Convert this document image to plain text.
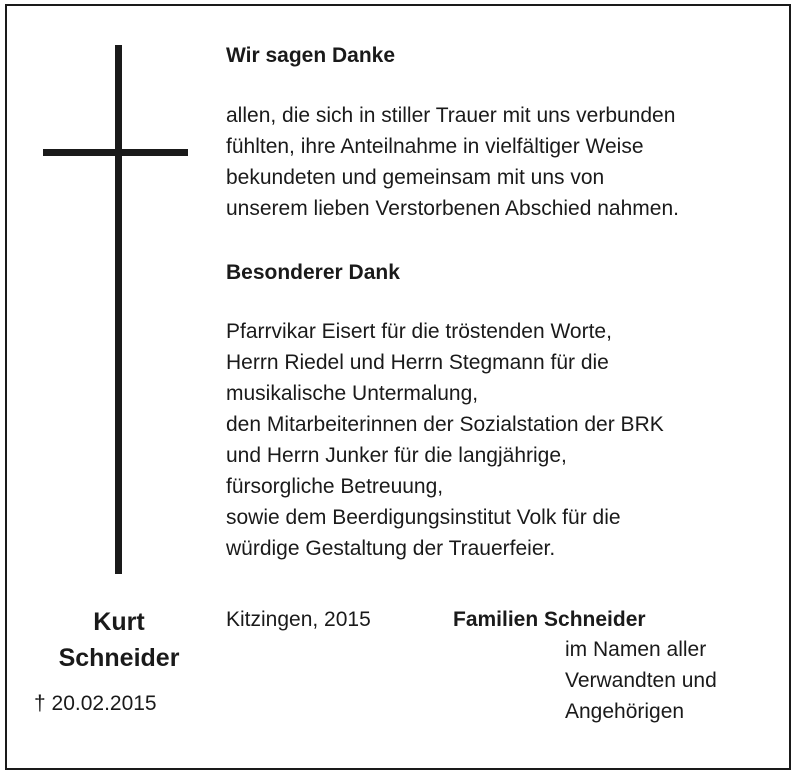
Wir sagen Danke
allen, die sich in stiller Trauer mit uns verbunden
fühlten, ihre Anteilnahme in vielfältiger Weise
bekundeten und gemeinsam mit uns von
unserem lieben Verstorbenen Abschied nahmen.
Besonderer Dank
Pfarrvikar Eisert für die tröstenden Worte,
Herrn Riedel und Herrn Stegmann für die
musikalische Untermalung,
den Mitarbeiterinnen der Sozialstation der BRK
und Herrn Junker für die langjährige,
fürsorgliche Betreuung,
sowie dem Beerdigungsinstitut Volk für die
würdige Gestaltung der Trauerfeier.
Kurt
Schneider
† 20.02.2015
Kitzingen, 2015	Familien Schneider
im Namen aller
Verwandten und
Angehörigen
